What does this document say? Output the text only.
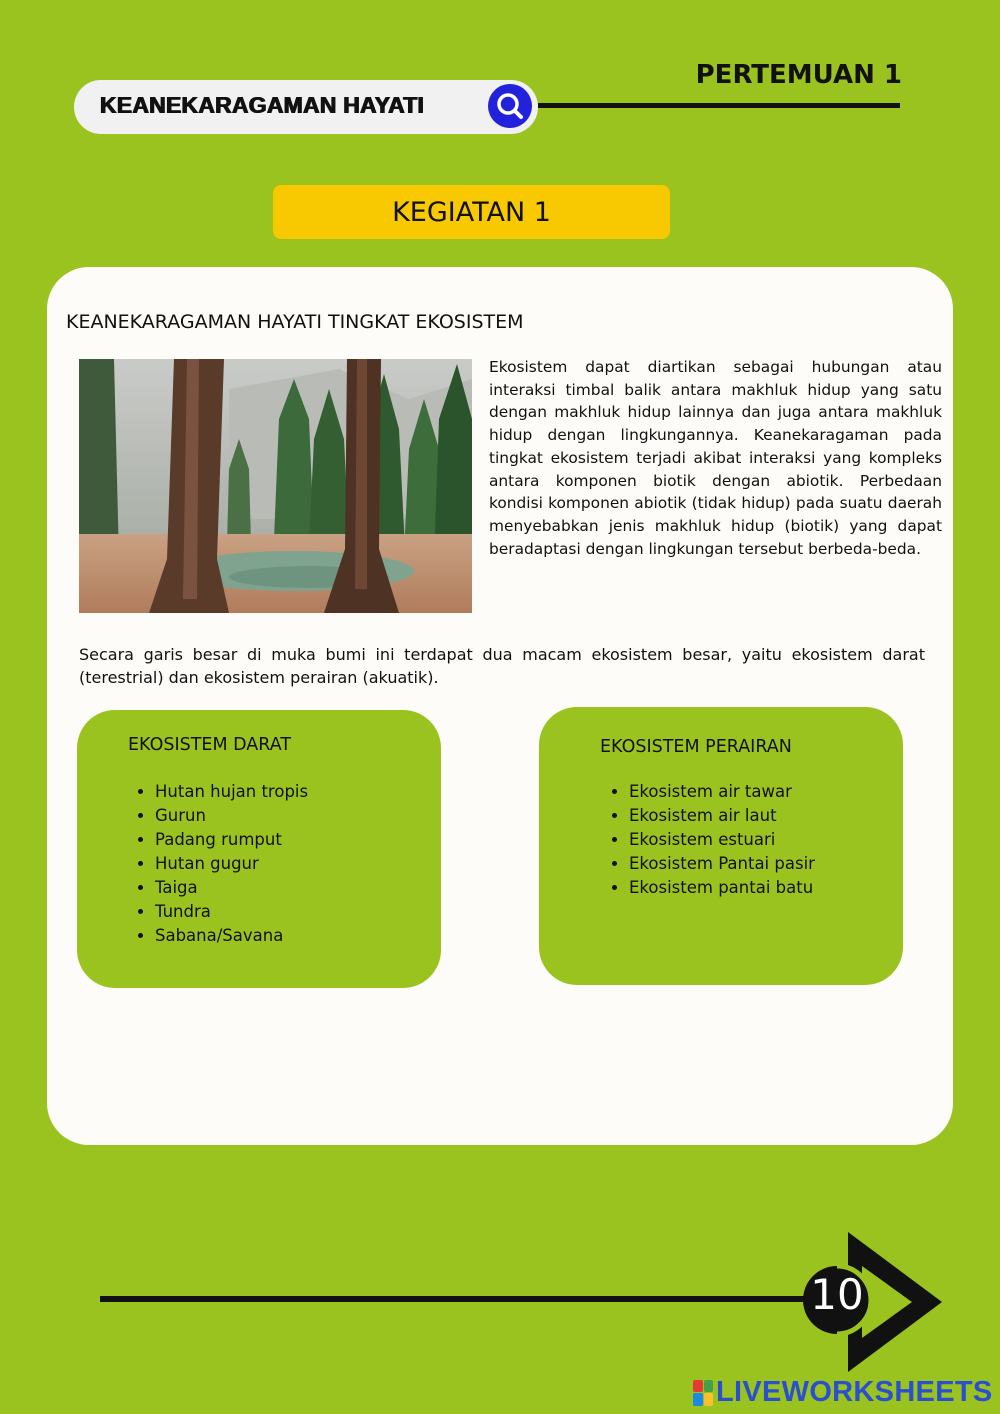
KEANEKARAGAMAN HAYATI
PERTEMUAN 1
KEGIATAN 1
KEANEKARAGAMAN HAYATI TINGKAT EKOSISTEM
Ekosistem dapat diartikan sebagai hubungan atau interaksi timbal balik antara makhluk hidup yang satu dengan makhluk hidup lainnya dan juga antara makhluk hidup dengan lingkungannya. Keanekaragaman pada tingkat ekosistem terjadi akibat interaksi yang kompleks antara komponen biotik dengan abiotik. Perbedaan kondisi komponen abiotik (tidak hidup) pada suatu daerah menyebabkan jenis makhluk hidup (biotik) yang dapat beradaptasi dengan lingkungan tersebut berbeda-beda.
Secara garis besar di muka bumi ini terdapat dua macam ekosistem besar, yaitu ekosistem darat (terestrial) dan ekosistem perairan (akuatik).
EKOSISTEM DARAT
• Hutan hujan tropis
• Gurun
• Padang rumput
• Hutan gugur
• Taiga
• Tundra
• Sabana/Savana
EKOSISTEM PERAIRAN
• Ekosistem air tawar
• Ekosistem air laut
• Ekosistem estuari
• Ekosistem Pantai pasir
• Ekosistem pantai batu
10
LIVEWORKSHEETS
